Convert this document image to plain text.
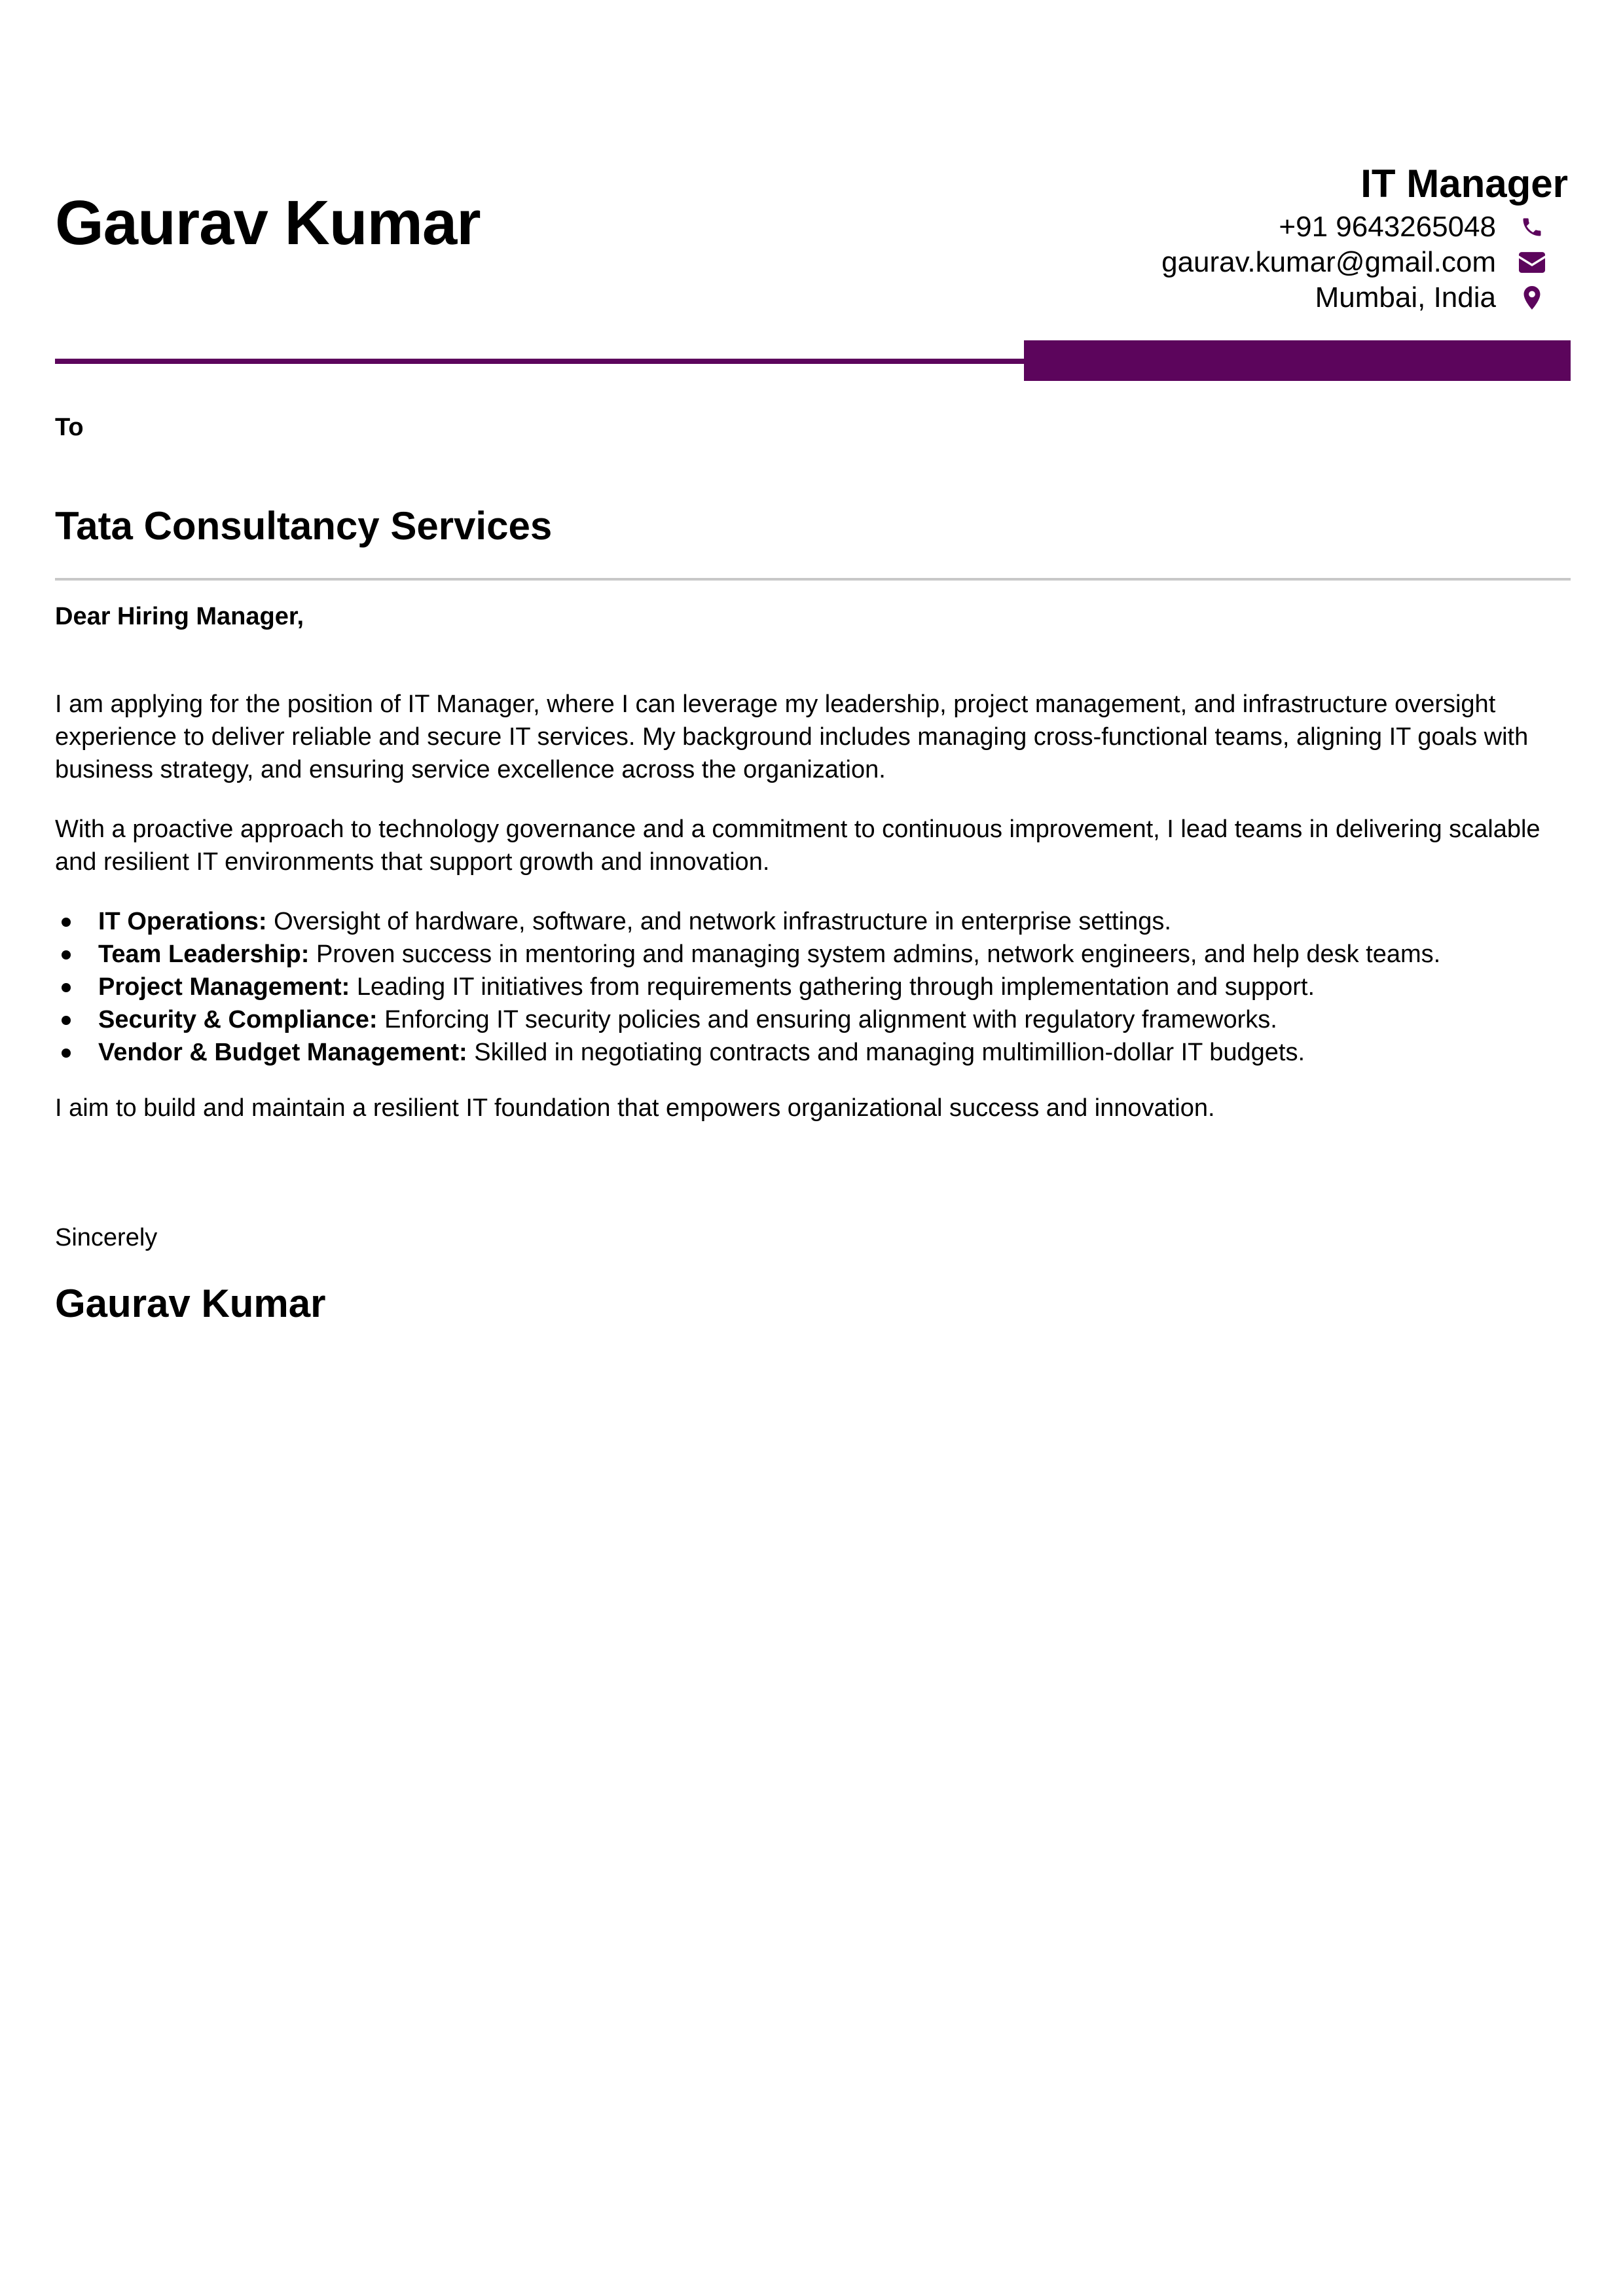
Gaurav Kumar
IT Manager
+91 9643265048
gaurav.kumar@gmail.com
Mumbai, India
To
Tata Consultancy Services
Dear Hiring Manager,
I am applying for the position of IT Manager, where I can leverage my leadership, project management, and infrastructure oversight experience to deliver reliable and secure IT services. My background includes managing cross-functional teams, aligning IT goals with business strategy, and ensuring service excellence across the organization.
With a proactive approach to technology governance and a commitment to continuous improvement, I lead teams in delivering scalable and resilient IT environments that support growth and innovation.
IT Operations: Oversight of hardware, software, and network infrastructure in enterprise settings.
Team Leadership: Proven success in mentoring and managing system admins, network engineers, and help desk teams.
Project Management: Leading IT initiatives from requirements gathering through implementation and support.
Security & Compliance: Enforcing IT security policies and ensuring alignment with regulatory frameworks.
Vendor & Budget Management: Skilled in negotiating contracts and managing multimillion-dollar IT budgets.
I aim to build and maintain a resilient IT foundation that empowers organizational success and innovation.
Sincerely
Gaurav Kumar
